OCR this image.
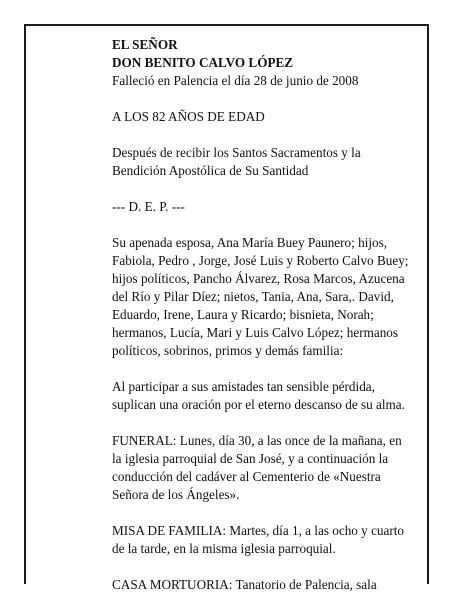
EL SEÑOR

DON BENITO CALVO LÓPEZ

Falleció en Palencia el día 28 de junio de 2008

A LOS 82 AÑOS DE EDAD

Después de recibir los Santos Sacramentos y la

Bendición Apostólica de Su Santidad

--- D. E. P. ---

Su apenada esposa, Ana María Buey Paunero; hijos,

Fabiola, Pedro , Jorge, José Luis y Roberto Calvo Buey;

hijos políticos, Pancho Álvarez, Rosa Marcos, Azucena

del Río y Pilar Díez; nietos, Tania, Ana, Sara,. David,

Eduardo, Irene, Laura y Ricardo; bisnieta, Norah;

hermanos, Lucía, Mari y Luis Calvo López; hermanos

políticos, sobrinos, primos y demás familia:

Al participar a sus amistades tan sensible pérdida,

suplican una oración por el eterno descanso de su alma.

FUNERAL: Lunes, día 30, a las once de la mañana, en

la iglesia parroquial de San José, y a continuación la

conducción del cadáver al Cementerio de «Nuestra

Señora de los Ángeles».

MISA DE FAMILIA: Martes, día 1, a las ocho y cuarto

de la tarde, en la misma iglesia parroquial.

CASA MORTUORIA: Tanatorio de Palencia, sala
